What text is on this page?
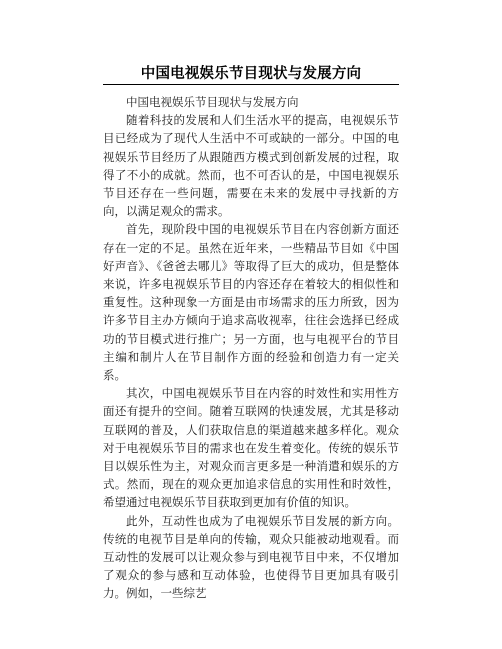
中国电视娱乐节目现状与发展方向

中国电视娱乐节目现状与发展方向

随着科技的发展和人们生活水平的提高，电视娱乐节目已经成为了现代人生活中不可或缺的一部分。中国的电视娱乐节目经历了从跟随西方模式到创新发展的过程，取得了不小的成就。然而，也不可否认的是，中国电视娱乐节目还存在一些问题，需要在未来的发展中寻找新的方向，以满足观众的需求。

首先，现阶段中国的电视娱乐节目在内容创新方面还存在一定的不足。虽然在近年来，一些精品节目如《中国好声音》、《爸爸去哪儿》等取得了巨大的成功，但是整体来说，许多电视娱乐节目的内容还存在着较大的相似性和重复性。这种现象一方面是由市场需求的压力所致，因为许多节目主办方倾向于追求高收视率，往往会选择已经成功的节目模式进行推广；另一方面，也与电视平台的节目主编和制片人在节目制作方面的经验和创造力有一定关系。

其次，中国电视娱乐节目在内容的时效性和实用性方面还有提升的空间。随着互联网的快速发展，尤其是移动互联网的普及，人们获取信息的渠道越来越多样化。观众对于电视娱乐节目的需求也在发生着变化。传统的娱乐节目以娱乐性为主，对观众而言更多是一种消遣和娱乐的方式。然而，现在的观众更加追求信息的实用性和时效性，希望通过电视娱乐节目获取到更加有价值的知识。

此外，互动性也成为了电视娱乐节目发展的新方向。传统的电视节目是单向的传输，观众只能被动地观看。而互动性的发展可以让观众参与到电视节目中来，不仅增加了观众的参与感和互动体验，也使得节目更加具有吸引力。例如，一些综艺
